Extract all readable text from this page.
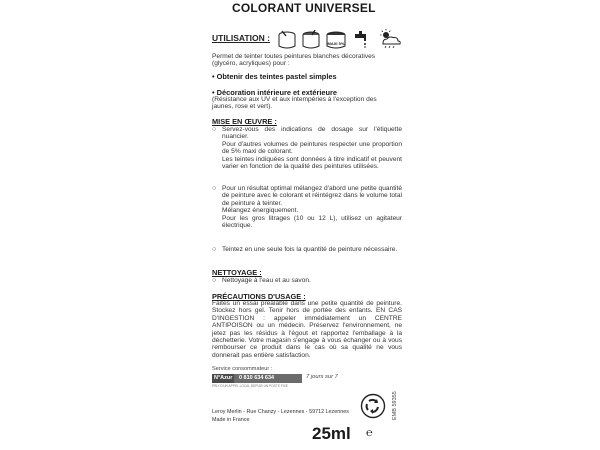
COLORANT UNIVERSEL
UTILISATION :
MAXI 5%
Permet de teinter toutes peintures blanches décoratives (glycéro, acryliques) pour :
• Obtenir des teintes pastel simples
• Décoration intérieure et extérieure
(Résistance aux UV et aux intempéries à l'exception des jaunes, rose et vert).
MISE EN ŒUVRE :
○ Servez-vous des indications de dosage sur l'étiquette nuancier.
Pour d'autres volumes de peintures respecter une proportion de 5% maxi de colorant.
Les teintes indiquées sont données à titre indicatif et peuvent varier en fonction de la qualité des peintures utilisées.
○ Pour un résultat optimal mélangez d'abord une petite quantité de peinture avec le colorant et réintégrez dans le volume total de peinture à teinter.
Mélangez énergiquement.
Pour les gros litrages (10 ou 12 L), utilisez un agitateur électrique.
○ Teintez en une seule fois la quantité de peinture nécessaire.
NETTOYAGE :
○ Nettoyage à l'eau et au savon.
PRÉCAUTIONS D'USAGE :
Faites un essai préalable dans une petite quantité de peinture. Stockez hors gel. Tenir hors de portée des enfants. EN CAS D'INGESTION : appeler immédiatement un CENTRE ANTIPOISON ou un médecin. Préservez l'environnement, ne jetez pas les résidus à l'égout et rapportez l'emballage à la déchetterie. Votre magasin s'engage à vous échanger ou à vous rembourser ce produit dans le cas où sa qualité ne vous donnerait pas entière satisfaction.
Service consommateur :
N°Azur 0 810 634 634	7 jours sur 7
PRIX D'UN APPEL LOCAL DEPUIS UN POSTE FIXE
Leroy Merlin - Rue Chanzy - Lezennes - 59712 Lezennes
Made in France	EMB 59355
25ml ℮
